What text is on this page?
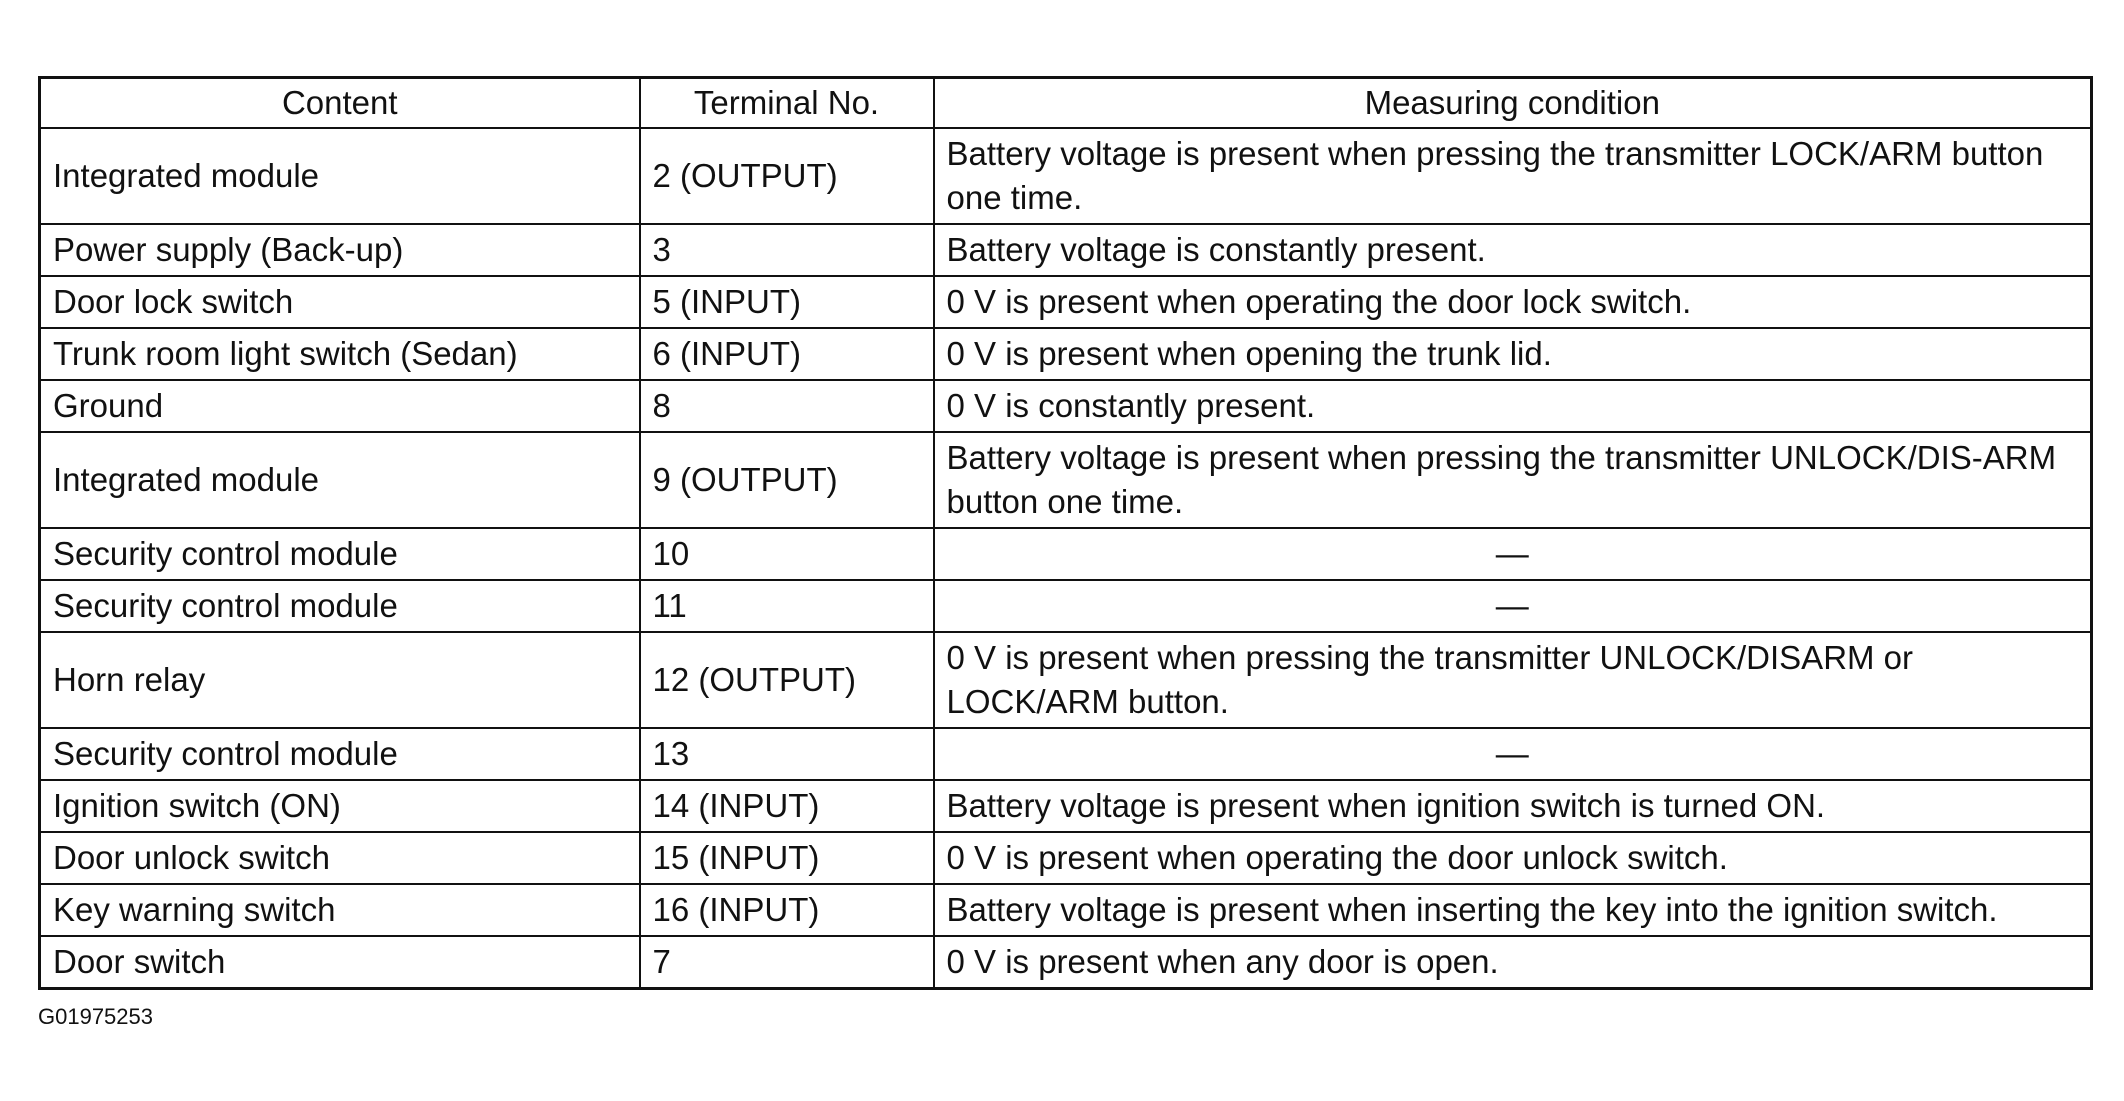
Content	Terminal No.	Measuring condition
Integrated module	2 (OUTPUT)	Battery voltage is present when pressing the transmitter LOCK/ARM button one time.
Power supply (Back-up)	3	Battery voltage is constantly present.
Door lock switch	5 (INPUT)	0 V is present when operating the door lock switch.
Trunk room light switch (Sedan)	6 (INPUT)	0 V is present when opening the trunk lid.
Ground	8	0 V is constantly present.
Integrated module	9 (OUTPUT)	Battery voltage is present when pressing the transmitter UNLOCK/DIS-ARM button one time.
Security control module	10	—
Security control module	11	—
Horn relay	12 (OUTPUT)	0 V is present when pressing the transmitter UNLOCK/DISARM or LOCK/ARM button.
Security control module	13	—
Ignition switch (ON)	14 (INPUT)	Battery voltage is present when ignition switch is turned ON.
Door unlock switch	15 (INPUT)	0 V is present when operating the door unlock switch.
Key warning switch	16 (INPUT)	Battery voltage is present when inserting the key into the ignition switch.
Door switch	7	0 V is present when any door is open.
G01975253
